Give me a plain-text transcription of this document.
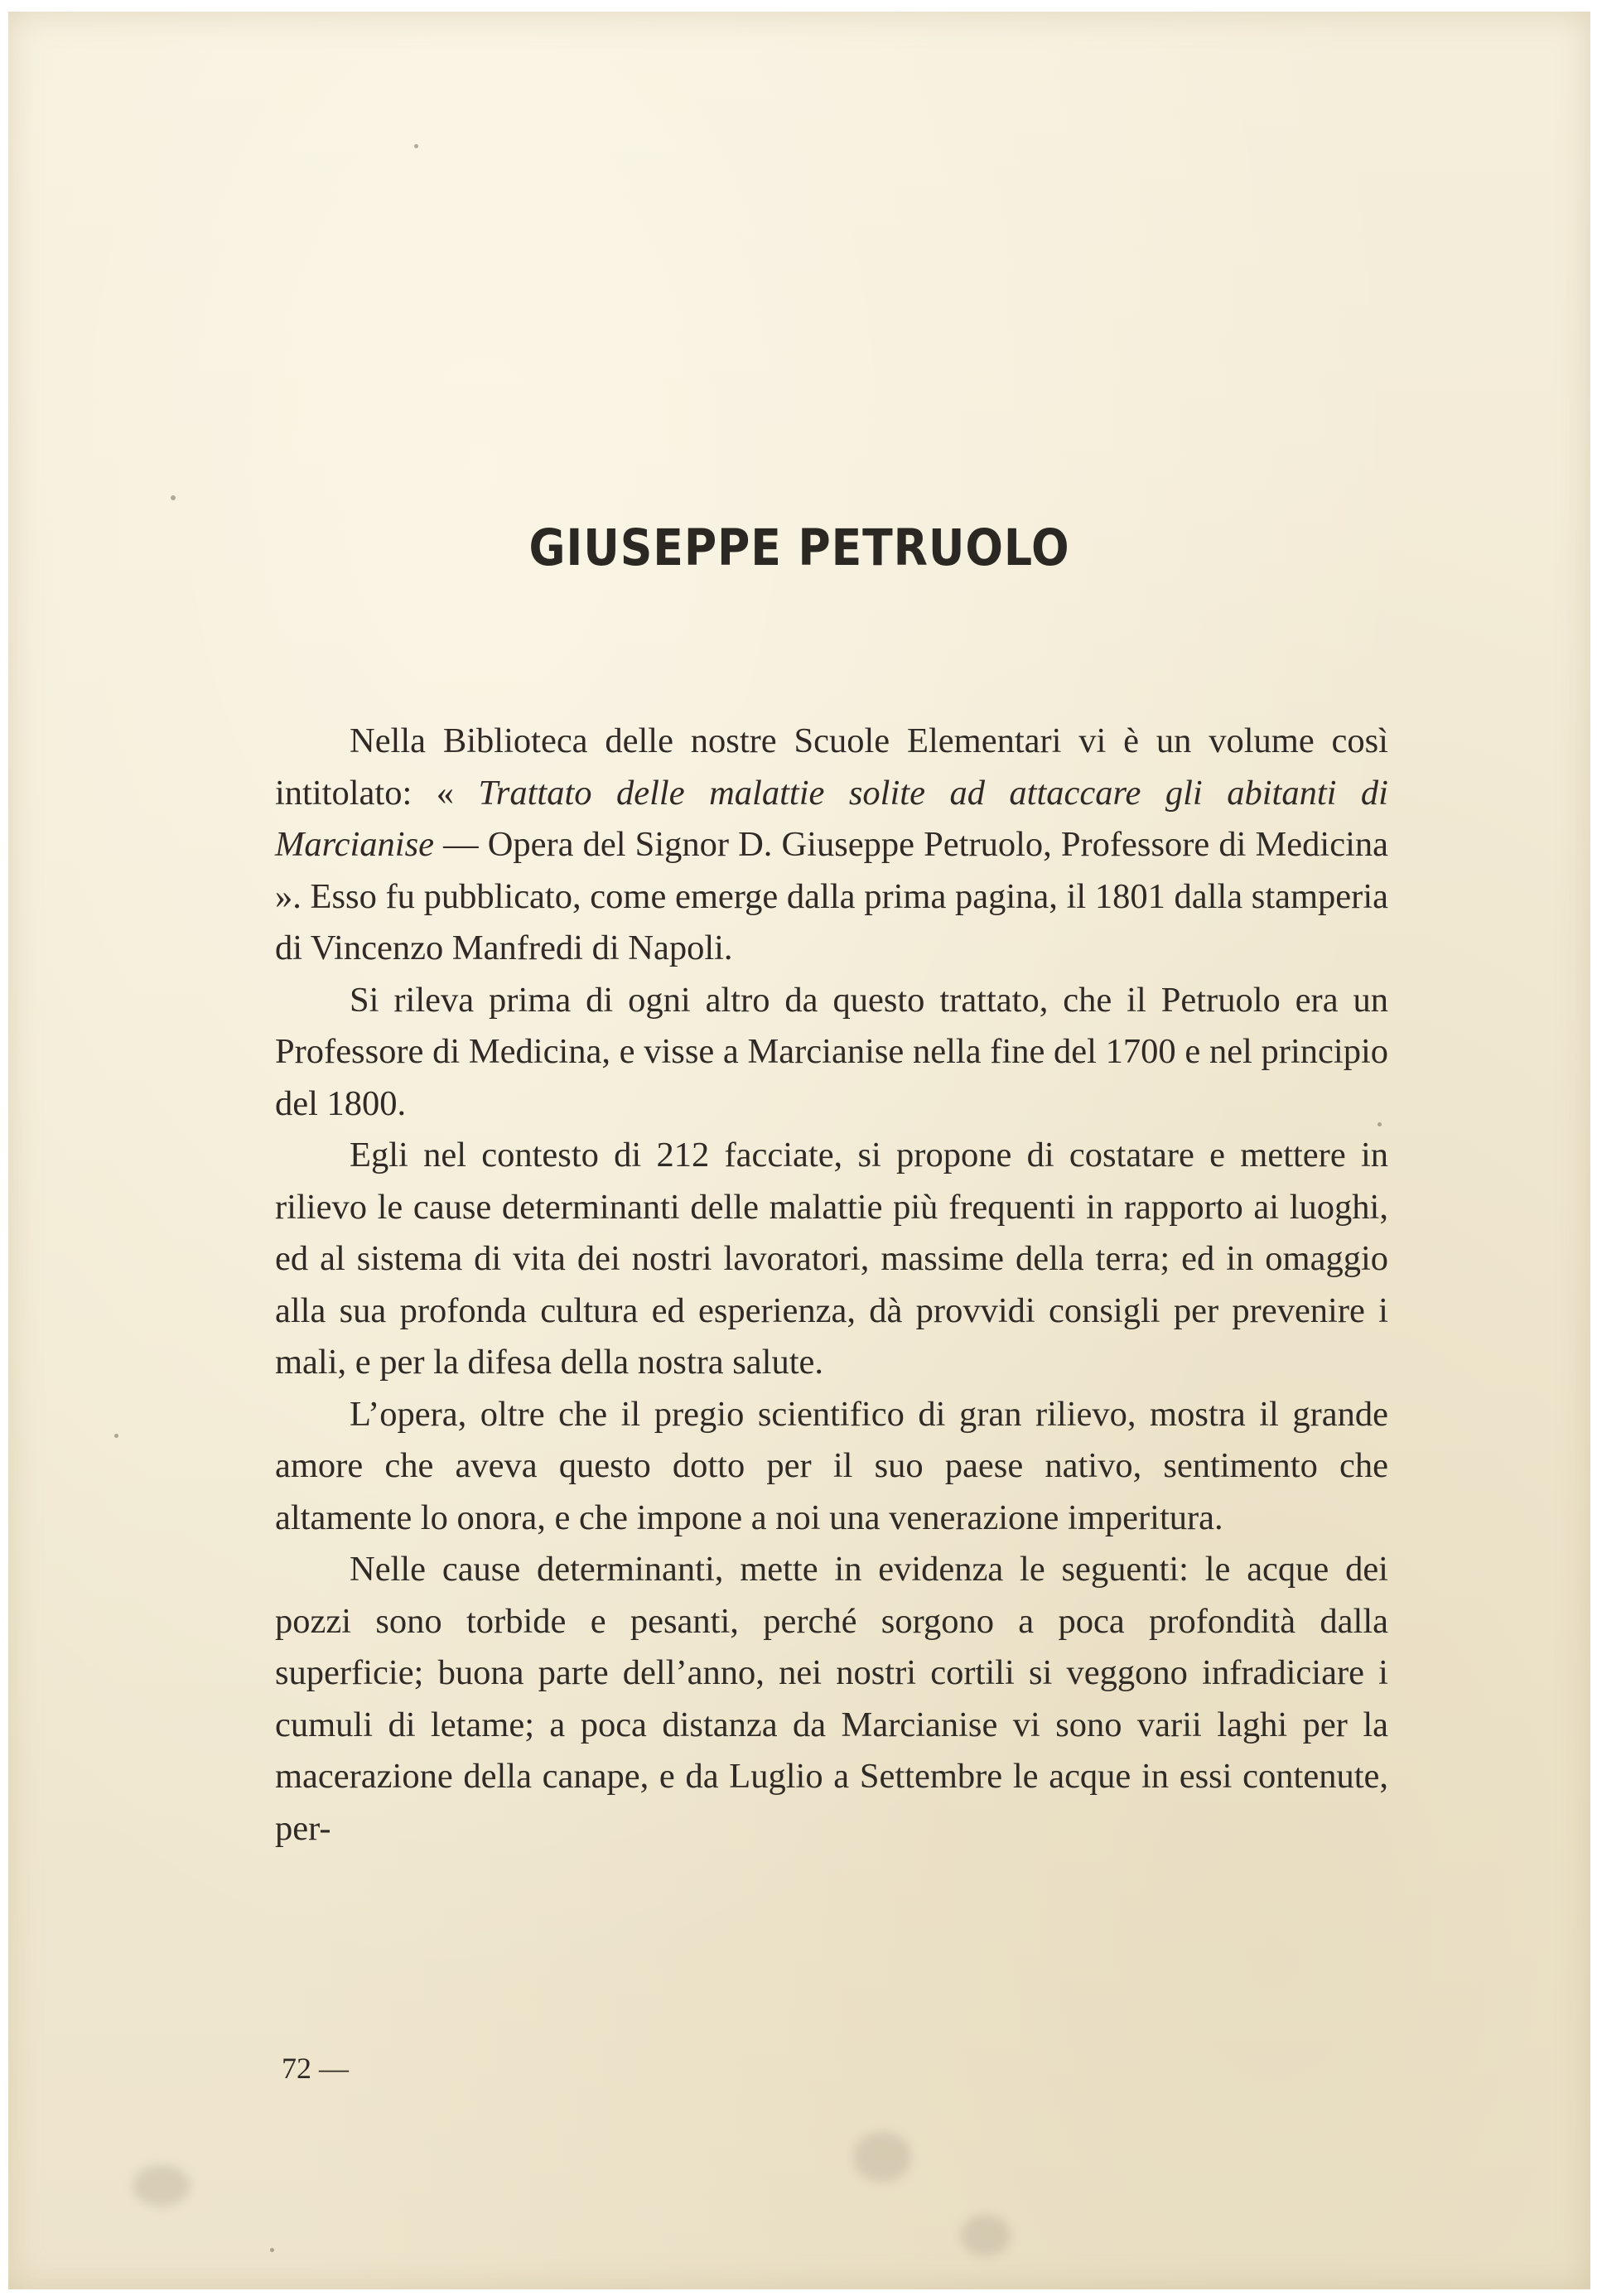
GIUSEPPE PETRUOLO

Nella Biblioteca delle nostre Scuole Elementari vi è un volume così intitolato: « Trattato delle malattie solite ad attaccare gli abitanti di Marcianise — Opera del Signor D. Giuseppe Petruolo, Professore di Medicina ». Esso fu pubblicato, come emerge dalla prima pagina, il 1801 dalla stamperia di Vincenzo Manfredi di Napoli.

Si rileva prima di ogni altro da questo trattato, che il Petruolo era un Professore di Medicina, e visse a Marcianise nella fine del 1700 e nel principio del 1800.

Egli nel contesto di 212 facciate, si propone di costatare e mettere in rilievo le cause determinanti delle malattie più frequenti in rapporto ai luoghi, ed al sistema di vita dei nostri lavoratori, massime della terra; ed in omaggio alla sua profonda cultura ed esperienza, dà provvidi consigli per prevenire i mali, e per la difesa della nostra salute.

L’opera, oltre che il pregio scientifico di gran rilievo, mostra il grande amore che aveva questo dotto per il suo paese nativo, sentimento che altamente lo onora, e che impone a noi una venerazione imperitura.

Nelle cause determinanti, mette in evidenza le seguenti: le acque dei pozzi sono torbide e pesanti, perché sorgono a poca profondità dalla superficie; buona parte dell’anno, nei nostri cortili si veggono infradiciare i cumuli di letame; a poca distanza da Marcianise vi sono varii laghi per la macerazione della canape, e da Luglio a Settembre le acque in essi contenute, per-

72 —
